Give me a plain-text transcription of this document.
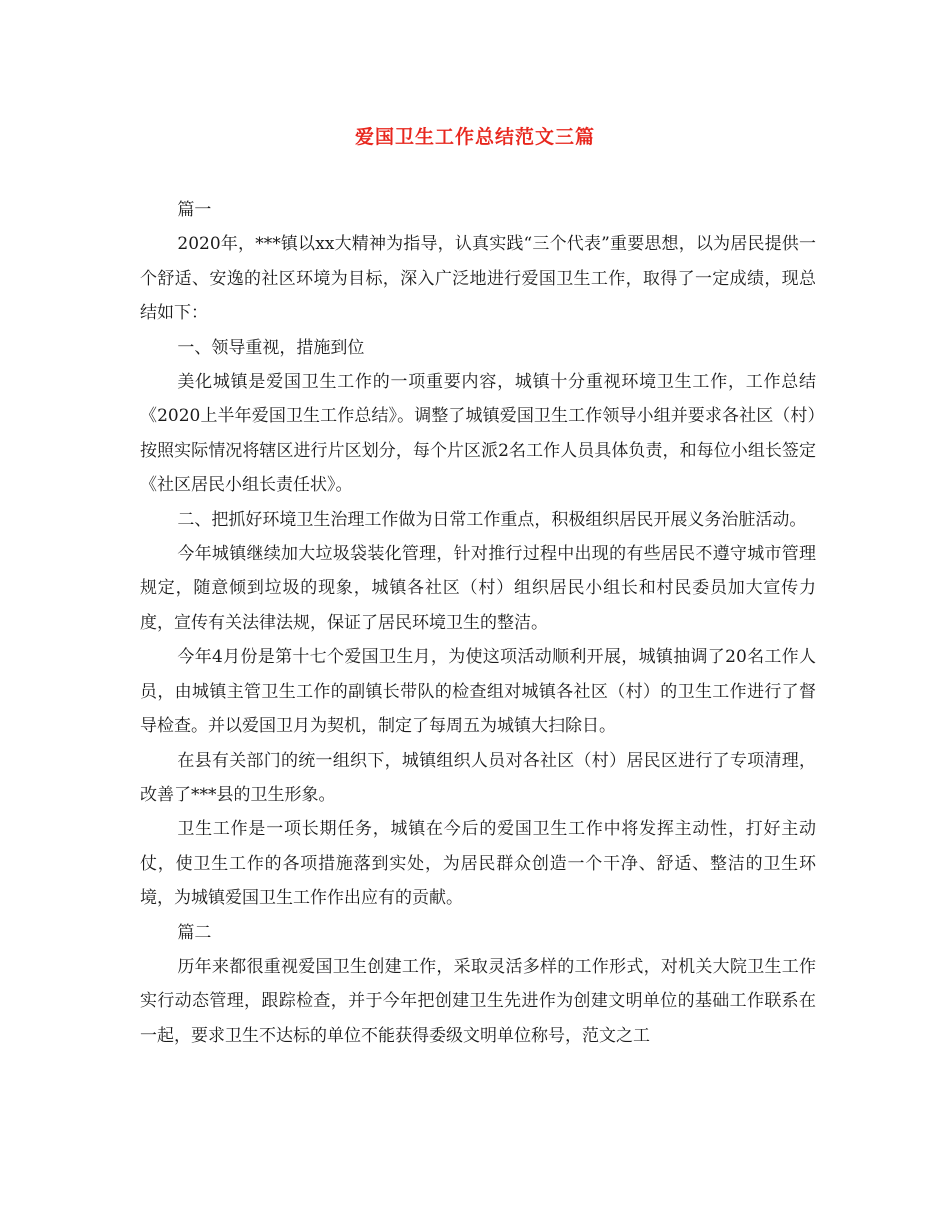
爱国卫生工作总结范文三篇

篇一

2020年，***镇以xx大精神为指导，认真实践“三个代表”重要思想，以为居民提供一个舒适、安逸的社区环境为目标，深入广泛地进行爱国卫生工作，取得了一定成绩，现总结如下：

一、领导重视，措施到位

美化城镇是爱国卫生工作的一项重要内容，城镇十分重视环境卫生工作，工作总结《2020上半年爱国卫生工作总结》。调整了城镇爱国卫生工作领导小组并要求各社区（村）按照实际情况将辖区进行片区划分，每个片区派2名工作人员具体负责，和每位小组长签定《社区居民小组长责任状》。

二、把抓好环境卫生治理工作做为日常工作重点，积极组织居民开展义务治脏活动。

今年城镇继续加大垃圾袋装化管理，针对推行过程中出现的有些居民不遵守城市管理规定，随意倾到垃圾的现象，城镇各社区（村）组织居民小组长和村民委员加大宣传力度，宣传有关法律法规，保证了居民环境卫生的整洁。

今年4月份是第十七个爱国卫生月，为使这项活动顺利开展，城镇抽调了20名工作人员，由城镇主管卫生工作的副镇长带队的检查组对城镇各社区（村）的卫生工作进行了督导检查。并以爱国卫月为契机，制定了每周五为城镇大扫除日。

在县有关部门的统一组织下，城镇组织人员对各社区（村）居民区进行了专项清理，改善了***县的卫生形象。

卫生工作是一项长期任务，城镇在今后的爱国卫生工作中将发挥主动性，打好主动仗，使卫生工作的各项措施落到实处，为居民群众创造一个干净、舒适、整洁的卫生环境，为城镇爱国卫生工作作出应有的贡献。

篇二

历年来都很重视爱国卫生创建工作，采取灵活多样的工作形式，对机关大院卫生工作实行动态管理，跟踪检查，并于今年把创建卫生先进作为创建文明单位的基础工作联系在一起，要求卫生不达标的单位不能获得委级文明单位称号，范文之工
